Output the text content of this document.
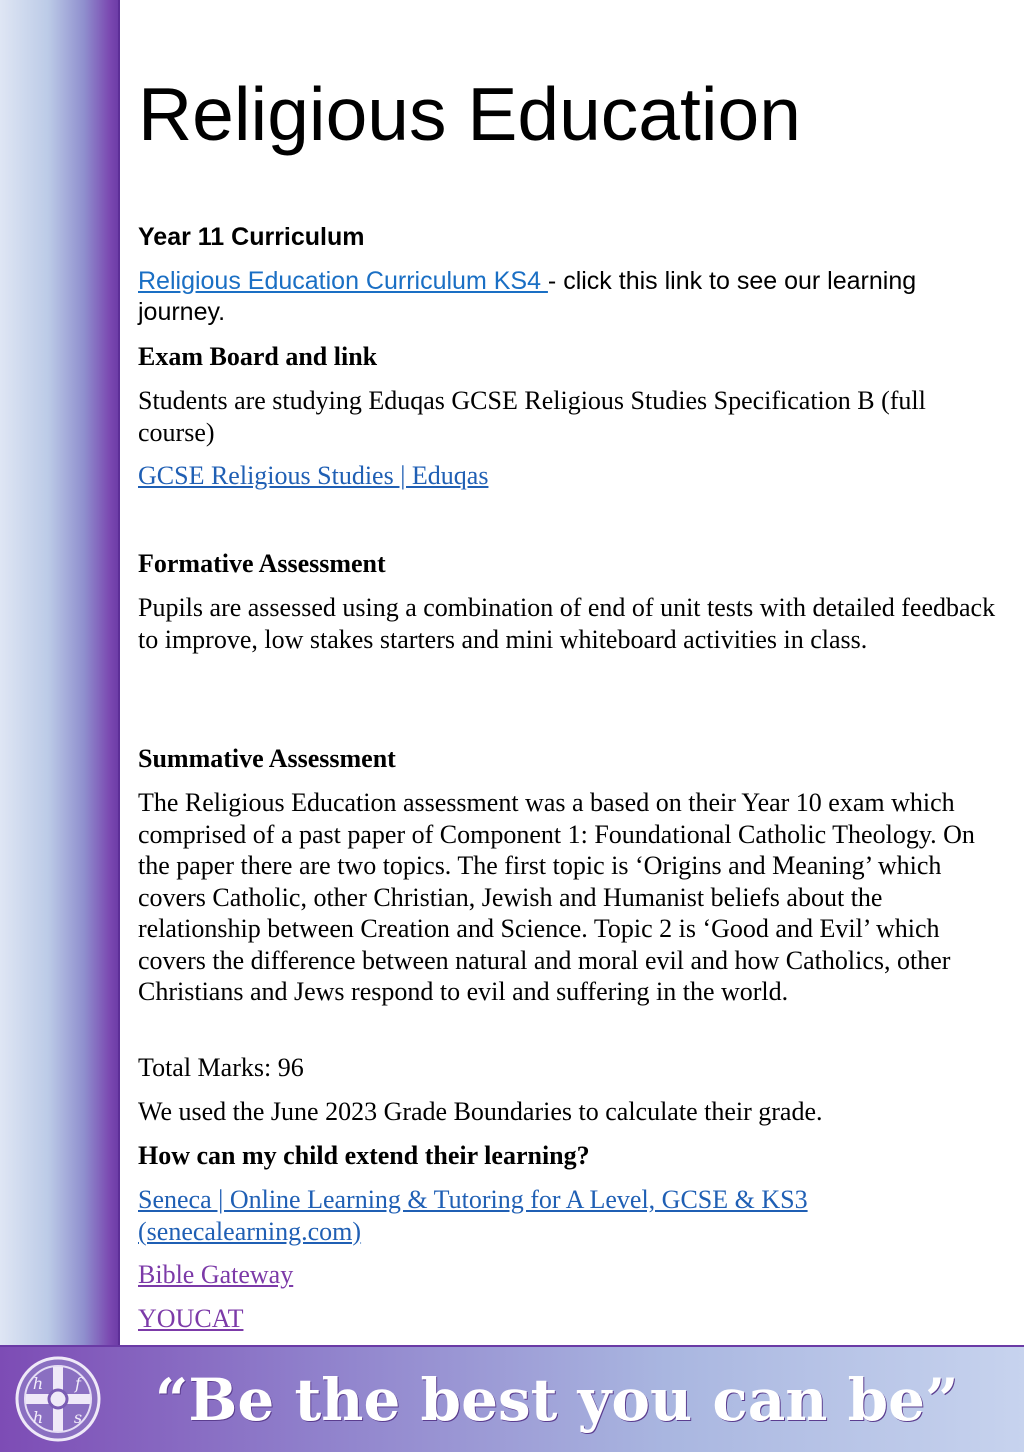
Religious Education
Year 11 Curriculum
Religious Education Curriculum KS4 - click this link to see our learning journey.
Exam Board and link
Students are studying Eduqas GCSE Religious Studies Specification B (full course)
GCSE Religious Studies | Eduqas
Formative Assessment
Pupils are assessed using a combination of end of unit tests with detailed feedback to improve, low stakes starters and mini whiteboard activities in class.
Summative Assessment
The Religious Education assessment was a based on their Year 10 exam which comprised of a past paper of Component 1: Foundational Catholic Theology. On the paper there are two topics. The first topic is ‘Origins and Meaning’ which covers Catholic, other Christian, Jewish and Humanist beliefs about the relationship between Creation and Science. Topic 2 is ‘Good and Evil’ which covers the difference between natural and moral evil and how Catholics, other Christians and Jews respond to evil and suffering in the world.
Total Marks: 96
We used the June 2023 Grade Boundaries to calculate their grade.
How can my child extend their learning?
Seneca | Online Learning & Tutoring for A Level, GCSE & KS3 (senecalearning.com)
Bible Gateway
YOUCAT
h f
h s “Be the best you can be”
